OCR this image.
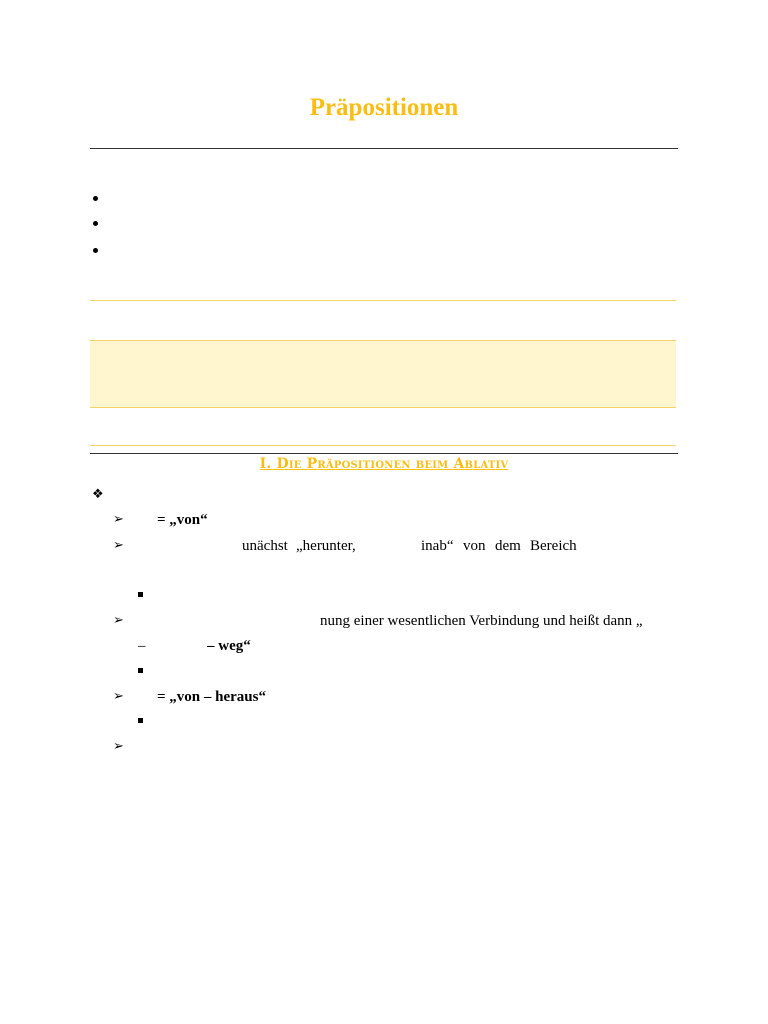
Präpositionen
I. Die Präpositionen beim Ablativ
❖
➢ = „von“
➢	unächst „herunter,	inab“ von dem Bereich
➢	nung einer wesentlichen Verbindung und heißt dann „
–	– weg“
➢ = „von – heraus“
➢
